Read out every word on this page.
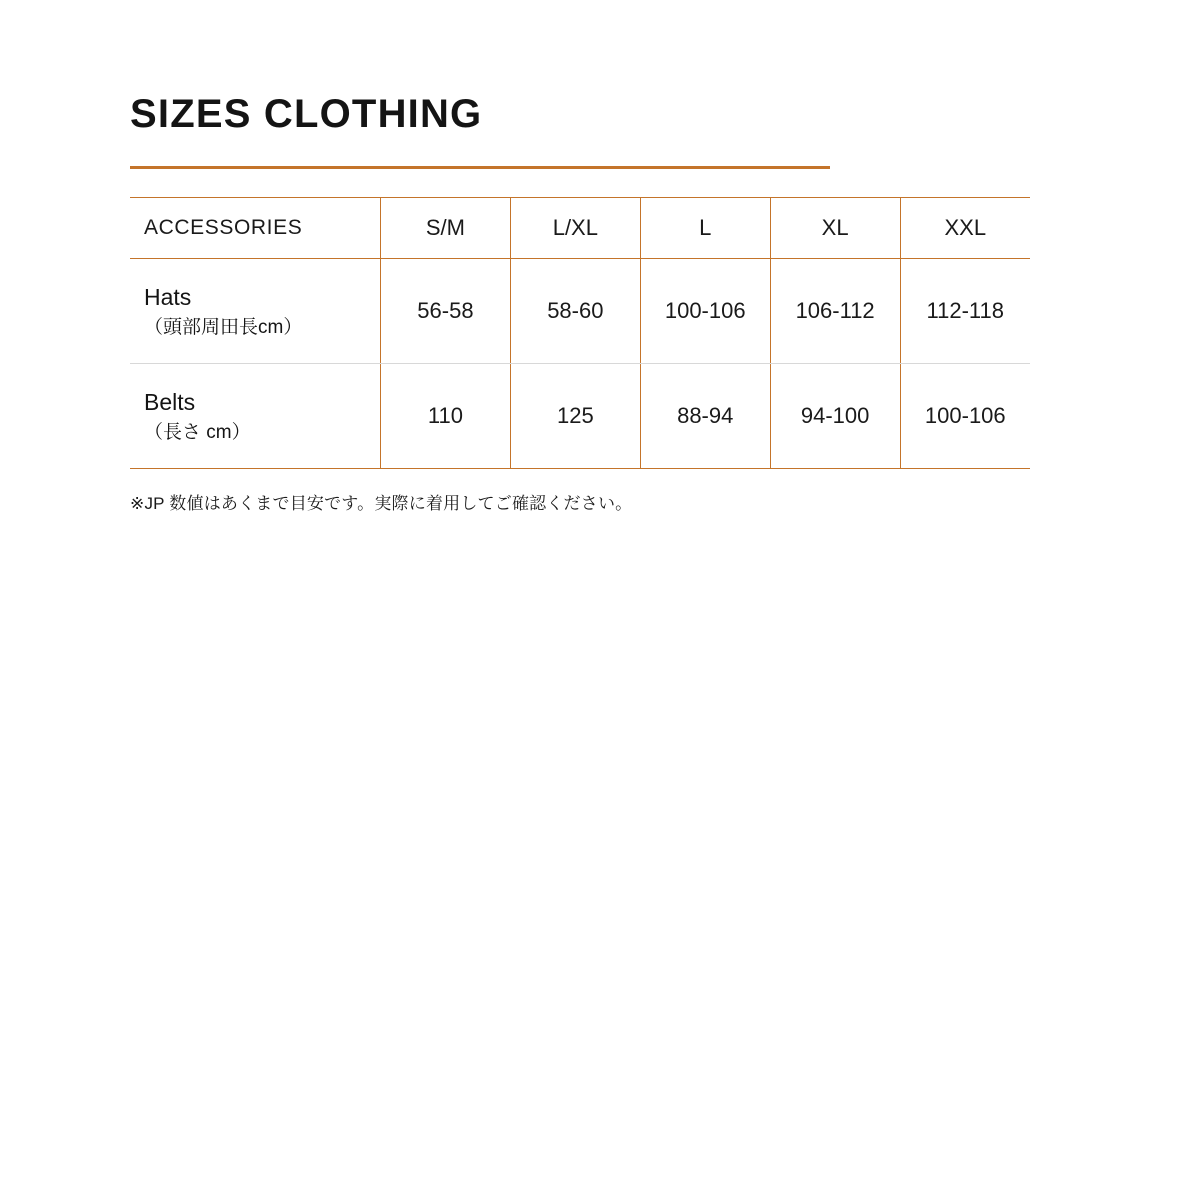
SIZES CLOTHING
ACCESSORIES	S/M	L/XL	L	XL	XXL

Hats
（頭部周田長cm）	56-58	58-60	100-106	106-112	112-118

Belts
（長さ cm）	110	125	88-94	94-100	100-106
※JP 数値はあくまで目安です。実際に着用してご確認ください。
